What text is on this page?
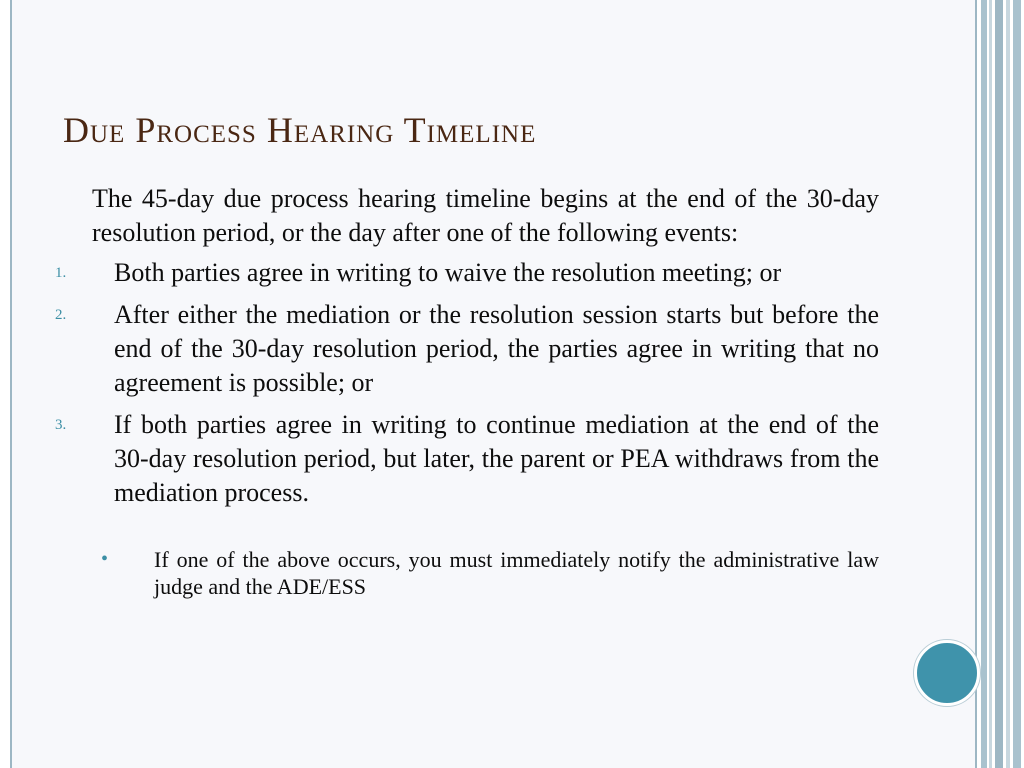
Due Process Hearing Timeline

The 45-day due process hearing timeline begins at the end of the 30-day resolution period, or the day after one of the following events:

1. Both parties agree in writing to waive the resolution meeting; or
2. After either the mediation or the resolution session starts but before the end of the 30-day resolution period, the parties agree in writing that no agreement is possible; or
3. If both parties agree in writing to continue mediation at the end of the 30-day resolution period, but later, the parent or PEA withdraws from the mediation process.
• If one of the above occurs, you must immediately notify the administrative law judge and the ADE/ESS
